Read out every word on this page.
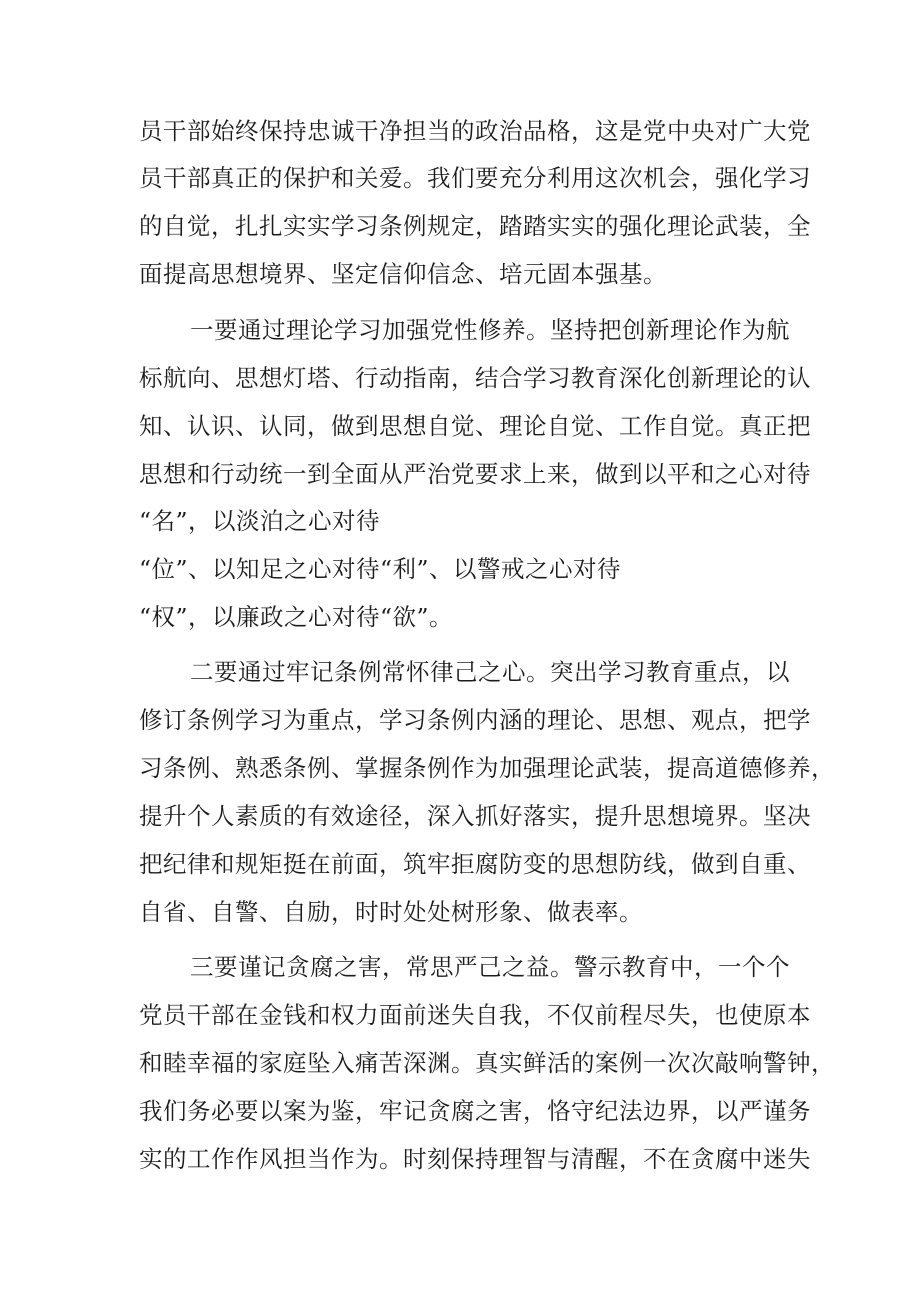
员干部始终保持忠诚干净担当的政治品格，这是党中央对广大党
员干部真正的保护和关爱。我们要充分利用这次机会，强化学习
的自觉，扎扎实实学习条例规定，踏踏实实的强化理论武装，全
面提高思想境界、坚定信仰信念、培元固本强基。
一要通过理论学习加强党性修养。坚持把创新理论作为航
标航向、思想灯塔、行动指南，结合学习教育深化创新理论的认
知、认识、认同，做到思想自觉、理论自觉、工作自觉。真正把
思想和行动统一到全面从严治党要求上来，做到以平和之心对待
“名”，以淡泊之心对待
“位”、以知足之心对待“利”、以警戒之心对待
“权”，以廉政之心对待“欲”。
二要通过牢记条例常怀律己之心。突出学习教育重点，以
修订条例学习为重点，学习条例内涵的理论、思想、观点，把学
习条例、熟悉条例、掌握条例作为加强理论武装，提高道德修养，
提升个人素质的有效途径，深入抓好落实，提升思想境界。坚决
把纪律和规矩挺在前面，筑牢拒腐防变的思想防线，做到自重、
自省、自警、自励，时时处处树形象、做表率。
三要谨记贪腐之害，常思严己之益。警示教育中，一个个
党员干部在金钱和权力面前迷失自我，不仅前程尽失，也使原本
和睦幸福的家庭坠入痛苦深渊。真实鲜活的案例一次次敲响警钟，
我们务必要以案为鉴，牢记贪腐之害，恪守纪法边界，以严谨务
实的工作作风担当作为。时刻保持理智与清醒，不在贪腐中迷失
